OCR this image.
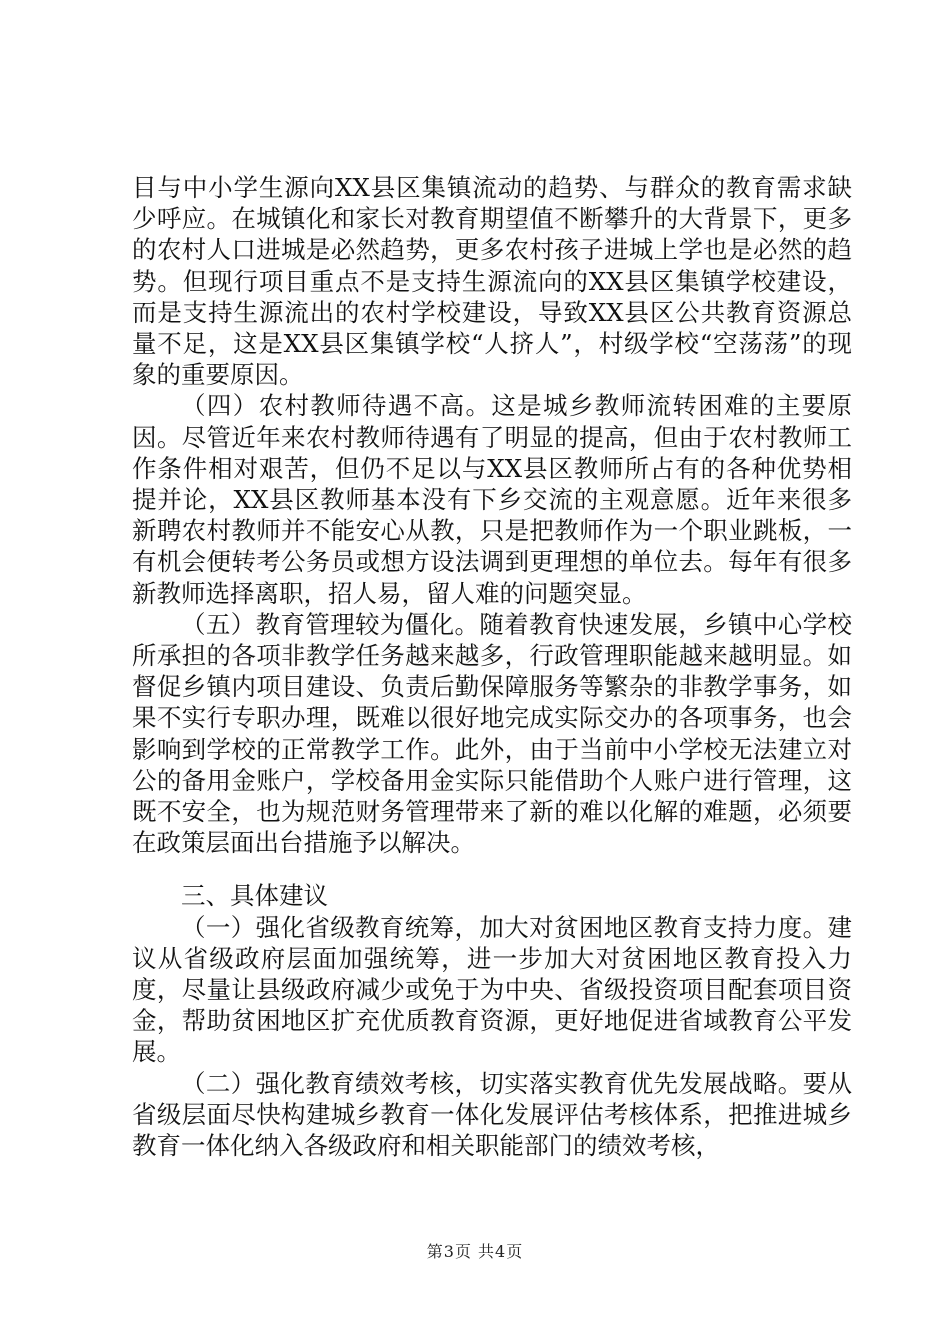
目与中小学生源向XX县区集镇流动的趋势、与群众的教育需求缺少呼应。在城镇化和家长对教育期望值不断攀升的大背景下，更多的农村人口进城是必然趋势，更多农村孩子进城上学也是必然的趋势。但现行项目重点不是支持生源流向的XX县区集镇学校建设，而是支持生源流出的农村学校建设，导致XX县区公共教育资源总量不足，这是XX县区集镇学校“人挤人”，村级学校“空荡荡”的现象的重要原因。

（四）农村教师待遇不高。这是城乡教师流转困难的主要原因。尽管近年来农村教师待遇有了明显的提高，但由于农村教师工作条件相对艰苦，但仍不足以与XX县区教师所占有的各种优势相提并论，XX县区教师基本没有下乡交流的主观意愿。近年来很多新聘农村教师并不能安心从教，只是把教师作为一个职业跳板，一有机会便转考公务员或想方设法调到更理想的单位去。每年有很多新教师选择离职，招人易，留人难的问题突显。

（五）教育管理较为僵化。随着教育快速发展，乡镇中心学校所承担的各项非教学任务越来越多，行政管理职能越来越明显。如督促乡镇内项目建设、负责后勤保障服务等繁杂的非教学事务，如果不实行专职办理，既难以很好地完成实际交办的各项事务，也会影响到学校的正常教学工作。此外，由于当前中小学校无法建立对公的备用金账户，学校备用金实际只能借助个人账户进行管理，这既不安全，也为规范财务管理带来了新的难以化解的难题，必须要在政策层面出台措施予以解决。

三、具体建议

（一）强化省级教育统筹，加大对贫困地区教育支持力度。建议从省级政府层面加强统筹，进一步加大对贫困地区教育投入力度，尽量让县级政府减少或免于为中央、省级投资项目配套项目资金，帮助贫困地区扩充优质教育资源，更好地促进省域教育公平发展。

（二）强化教育绩效考核，切实落实教育优先发展战略。要从省级层面尽快构建城乡教育一体化发展评估考核体系，把推进城乡教育一体化纳入各级政府和相关职能部门的绩效考核，

第3页 共4页
